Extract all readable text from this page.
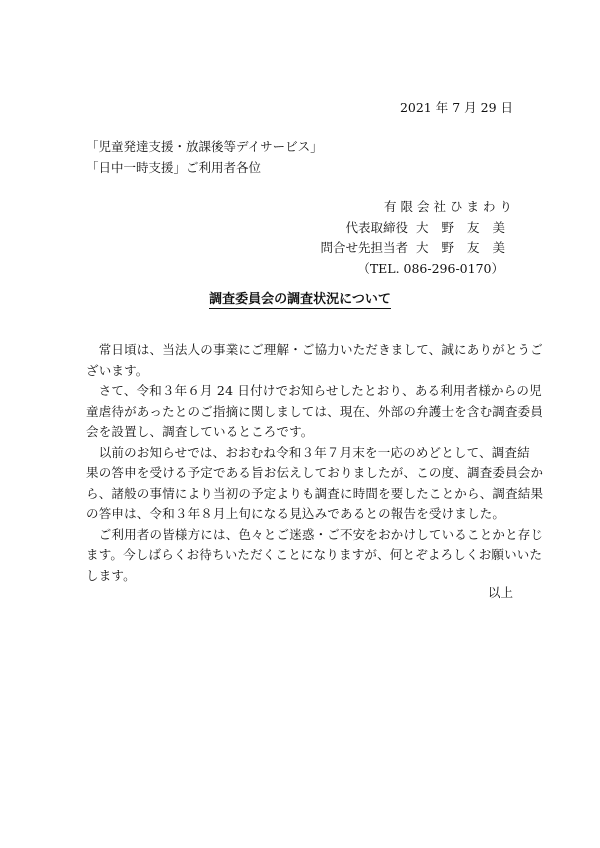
2021 年 7 月 29 日
「児童発達支援・放課後等デイサービス」
「日中一時支援」ご利用者各位
有限会社ひまわり
代表取締役 大野友美
問合せ先担当者 大野友美
（TEL. 086-296-0170）
調査委員会の調査状況について
　常日頃は、当法人の事業にご理解・ご協力いただきまして、誠にありがとうご
ざいます。
　さて、令和３年６月 24 日付けでお知らせしたとおり、ある利用者様からの児
童虐待があったとのご指摘に関しましては、現在、外部の弁護士を含む調査委員
会を設置し、調査しているところです。
　以前のお知らせでは、おおむね令和３年７月末を一応のめどとして、調査結
果の答申を受ける予定である旨お伝えしておりましたが、この度、調査委員会か
ら、諸般の事情により当初の予定よりも調査に時間を要したことから、調査結果
の答申は、令和３年８月上旬になる見込みであるとの報告を受けました。
　ご利用者の皆様方には、色々とご迷惑・ご不安をおかけしていることかと存じ
ます。今しばらくお待ちいただくことになりますが、何とぞよろしくお願いいた
します。
以上
